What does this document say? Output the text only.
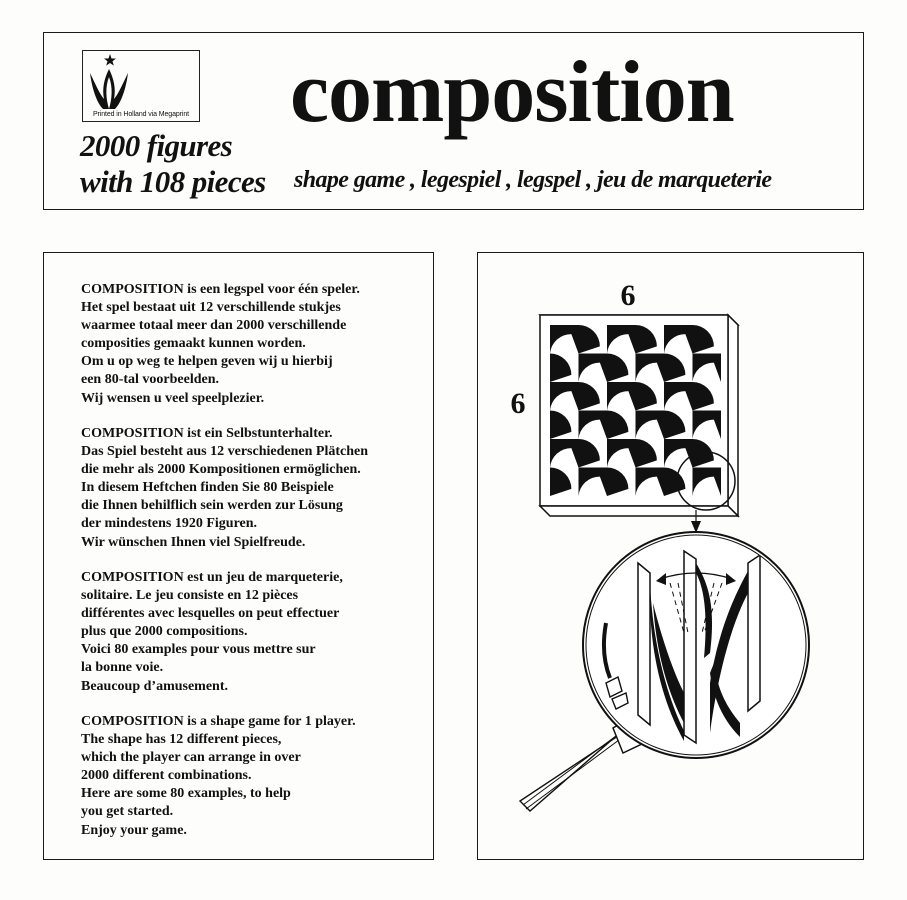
Printed in Holland via Megaprint
2000 figures
with 108 pieces
composition
shape game , legespiel , legspel , jeu de marqueterie

COMPOSITION is een legspel voor één speler.
Het spel bestaat uit 12 verschillende stukjes
waarmee totaal meer dan 2000 verschillende
composities gemaakt kunnen worden.
Om u op weg te helpen geven wij u hierbij
een 80-tal voorbeelden.
Wij wensen u veel speelplezier.

COMPOSITION ist ein Selbstunterhalter.
Das Spiel besteht aus 12 verschiedenen Plätchen
die mehr als 2000 Kompositionen ermöglichen.
In diesem Heftchen finden Sie 80 Beispiele
die Ihnen behilflich sein werden zur Lösung
der mindestens 1920 Figuren.
Wir wünschen Ihnen viel Spielfreude.

COMPOSITION est un jeu de marqueterie,
solitaire. Le jeu consiste en 12 pièces
différentes avec lesquelles on peut effectuer
plus que 2000 compositions.
Voici 80 examples pour vous mettre sur
la bonne voie.
Beaucoup d’amusement.

COMPOSITION is a shape game for 1 player.
The shape has 12 different pieces,
which the player can arrange in over
2000 different combinations.
Here are some 80 examples, to help
you get started.
Enjoy your game.

6
6
